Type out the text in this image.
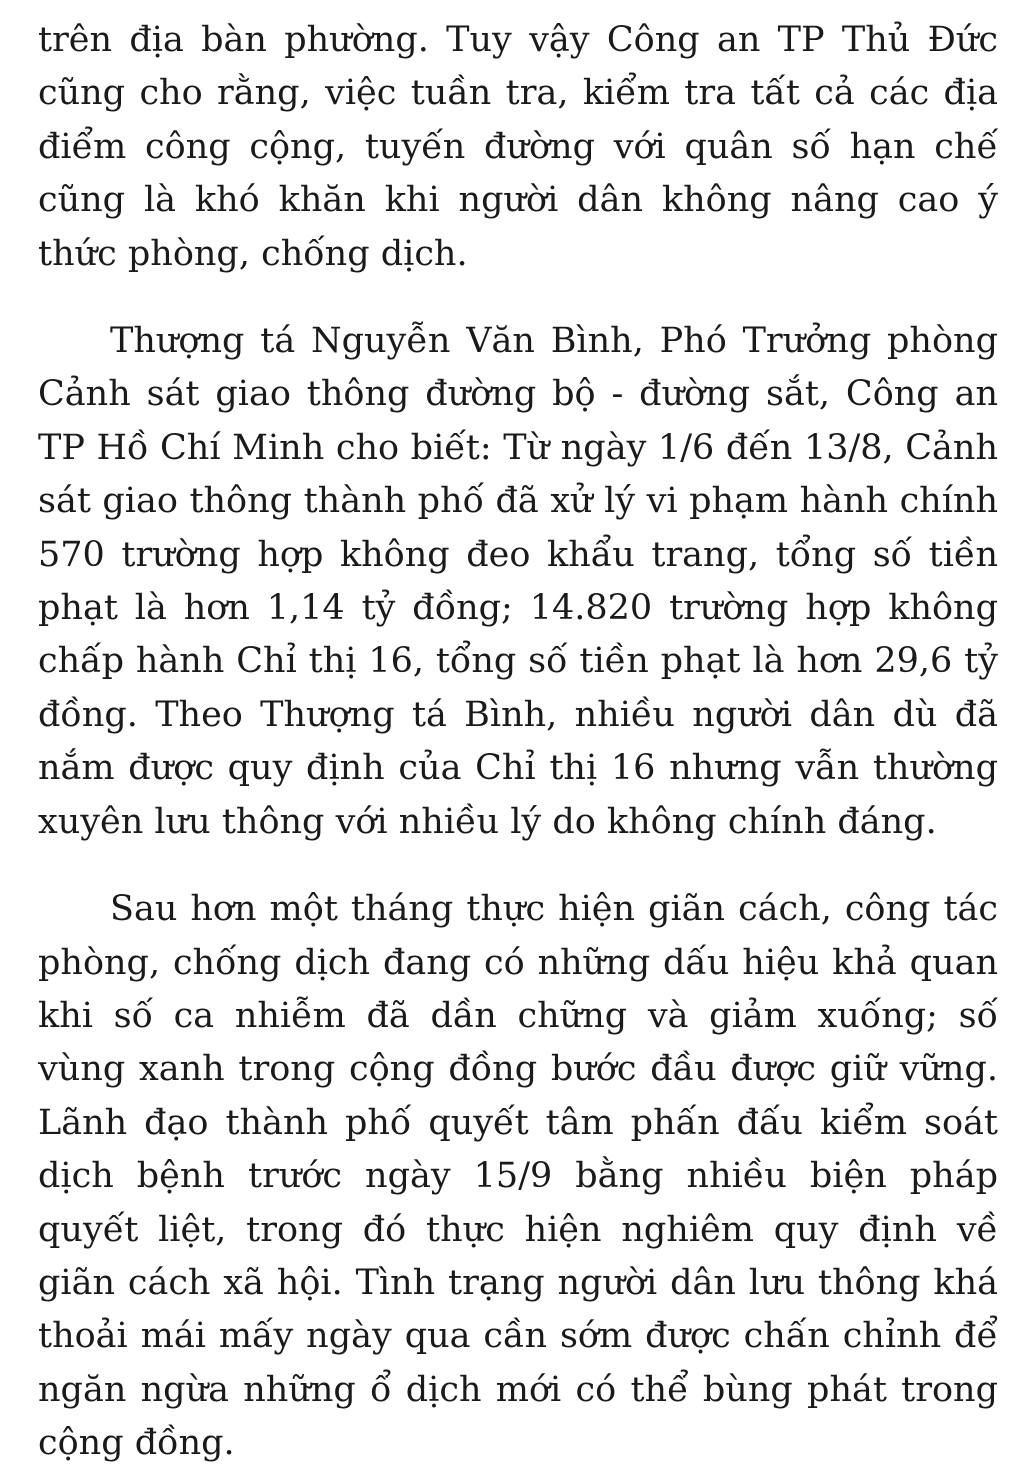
trên địa bàn phường. Tuy vậy Công an TP Thủ Đức cũng cho rằng, việc tuần tra, kiểm tra tất cả các địa điểm công cộng, tuyến đường với quân số hạn chế cũng là khó khăn khi người dân không nâng cao ý thức phòng, chống dịch.

Thượng tá Nguyễn Văn Bình, Phó Trưởng phòng Cảnh sát giao thông đường bộ - đường sắt, Công an TP Hồ Chí Minh cho biết: Từ ngày 1/6 đến 13/8, Cảnh sát giao thông thành phố đã xử lý vi phạm hành chính 570 trường hợp không đeo khẩu trang, tổng số tiền phạt là hơn 1,14 tỷ đồng; 14.820 trường hợp không chấp hành Chỉ thị 16, tổng số tiền phạt là hơn 29,6 tỷ đồng. Theo Thượng tá Bình, nhiều người dân dù đã nắm được quy định của Chỉ thị 16 nhưng vẫn thường xuyên lưu thông với nhiều lý do không chính đáng.

Sau hơn một tháng thực hiện giãn cách, công tác phòng, chống dịch đang có những dấu hiệu khả quan khi số ca nhiễm đã dần chững và giảm xuống; số vùng xanh trong cộng đồng bước đầu được giữ vững. Lãnh đạo thành phố quyết tâm phấn đấu kiểm soát dịch bệnh trước ngày 15/9 bằng nhiều biện pháp quyết liệt, trong đó thực hiện nghiêm quy định về giãn cách xã hội. Tình trạng người dân lưu thông khá thoải mái mấy ngày qua cần sớm được chấn chỉnh để ngăn ngừa những ổ dịch mới có thể bùng phát trong cộng đồng.
